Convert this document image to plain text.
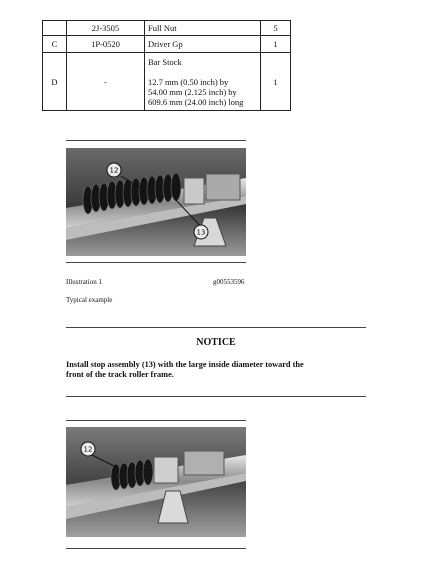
	2J-3505	Full Nut	5
C	1P-0520	Driver Gp	1
D	-	Bar Stock
12.7 mm (0.50 inch) by
54.00 mm (2.125 inch) by
609.6 mm (24.00 inch) long	1
12
13
Illustration 1	g00553596
Typical example
NOTICE
Install stop assembly (13) with the large inside diameter toward the
front of the track roller frame.
12
